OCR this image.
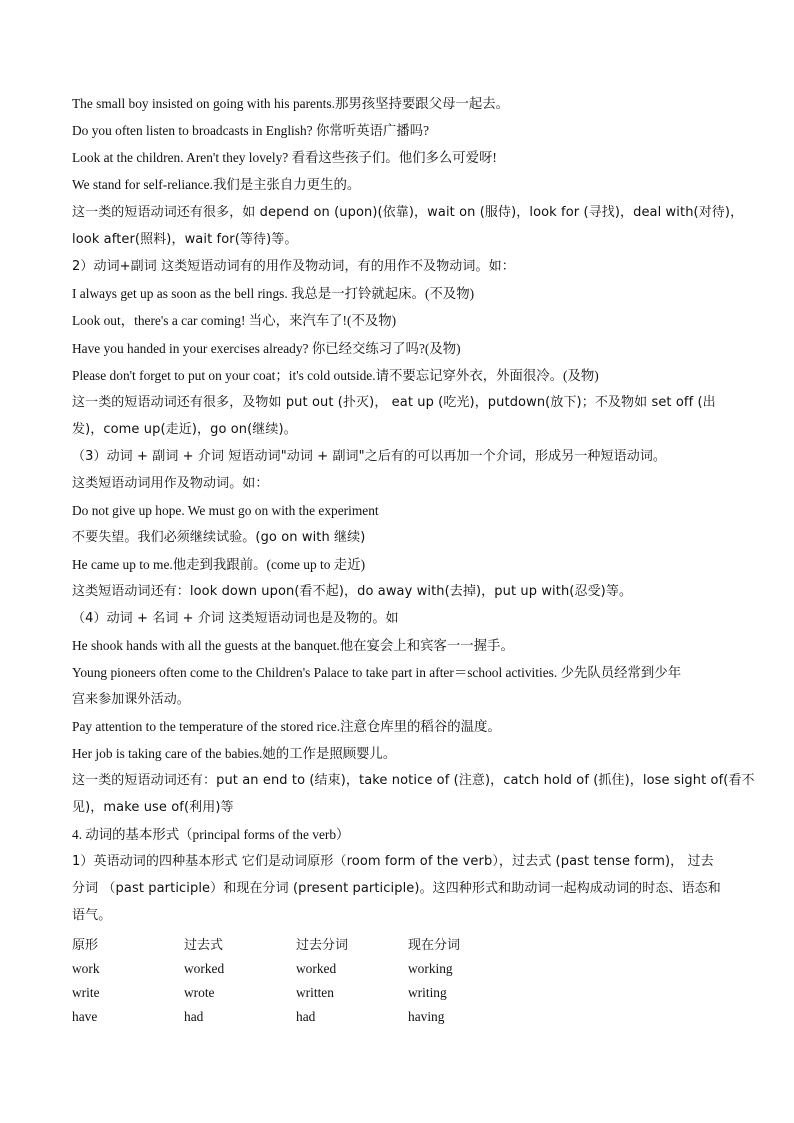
The small boy insisted on going with his parents.那男孩坚持要跟父母一起去。
Do you often listen to broadcasts in English? 你常听英语广播吗?
Look at the children. Aren't they lovely? 看看这些孩子们。他们多么可爱呀!
We stand for self-reliance.我们是主张自力更生的。
这一类的短语动词还有很多，如 depend on (upon)(依靠)，wait on (服侍)，look for (寻找)，deal with(对待)，
look after(照料)，wait for(等待)等。
2）动词+副词 这类短语动词有的用作及物动词，有的用作不及物动词。如：
I always get up as soon as the bell rings. 我总是一打铃就起床。(不及物)
Look out，there's a car coming! 当心，来汽车了!(不及物)
Have you handed in your exercises already? 你已经交练习了吗?(及物)
Please don't forget to put on your coat；it's cold outside.请不要忘记穿外衣，外面很冷。(及物)
这一类的短语动词还有很多，及物如 put out (扑灭)， eat up (吃光)，putdown(放下)；不及物如 set off (出
发)，come up(走近)，go on(继续)。
（3）动词 + 副词 + 介词 短语动词"动词 + 副词"之后有的可以再加一个介词，形成另一种短语动词。
这类短语动词用作及物动词。如：
Do not give up hope. We must go on with the experiment
不要失望。我们必须继续试验。(go on with 继续)
He came up to me.他走到我跟前。(come up to 走近)
这类短语动词还有：look down upon(看不起)，do away with(去掉)，put up with(忍受)等。
（4）动词 + 名词 + 介词 这类短语动词也是及物的。如
He shook hands with all the guests at the banquet.他在宴会上和宾客一一握手。
Young pioneers often come to the Children's Palace to take part in after＝school activities. 少先队员经常到少年
宫来参加课外活动。
Pay attention to the temperature of the stored rice.注意仓库里的稻谷的温度。
Her job is taking care of the babies.她的工作是照顾婴儿。
这一类的短语动词还有：put an end to (结束)，take notice of (注意)，catch hold of (抓住)，lose sight of(看不
见)，make use of(利用)等
4. 动词的基本形式（principal forms of the verb）
1）英语动词的四种基本形式 它们是动词原形（room form of the verb），过去式 (past tense form)， 过去
分词 （past participle）和现在分词 (present participle)。这四种形式和助动词一起构成动词的时态、语态和
语气。
原形	过去式	过去分词	现在分词
work	worked	worked	working
write	wrote	written	writing
have	had	had	having
